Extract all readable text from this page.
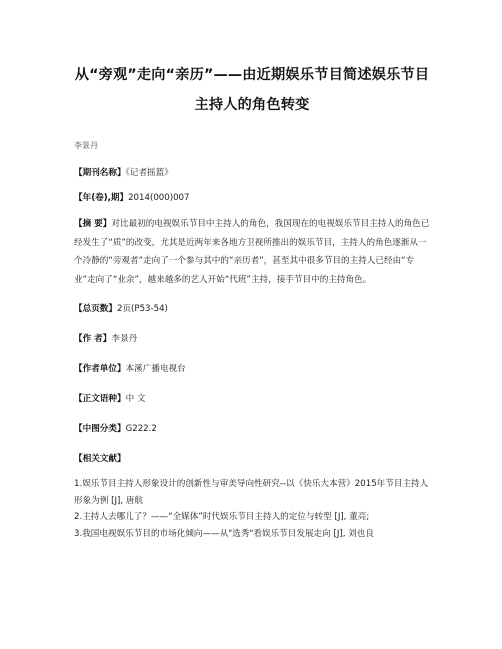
从“旁观”走向“亲历”——由近期娱乐节目简述娱乐节目
主持人的角色转变
李景丹
【期刊名称】《记者摇篮》
【年(卷),期】2014(000)007
【摘 要】对比最初的电视娱乐节目中主持人的角色，我国现在的电视娱乐节目主持人的角色已经发生了“质”的改变，尤其是近两年来各地方卫视所推出的娱乐节目，主持人的角色逐渐从一个冷静的“旁观者”走向了一个参与其中的“亲历者”，甚至其中很多节目的主持人已经由“专业”走向了“业余”，越来越多的艺人开始“代班”主持，接手节目中的主持角色。
【总页数】2页(P53-54)
【作 者】李景丹
【作者单位】本溪广播电视台
【正文语种】中 文
【中图分类】G222.2
【相关文献】
1.娱乐节目主持人形象设计的创新性与审美导向性研究--以《快乐大本营》2015年节目主持人形象为例 [J], 唐航
2.主持人去哪儿了？——“全媒体”时代娱乐节目主持人的定位与转型 [J], 董亮;
3.我国电视娱乐节目的市场化倾向——从"选秀"看娱乐节目发展走向 [J], 刘也良
